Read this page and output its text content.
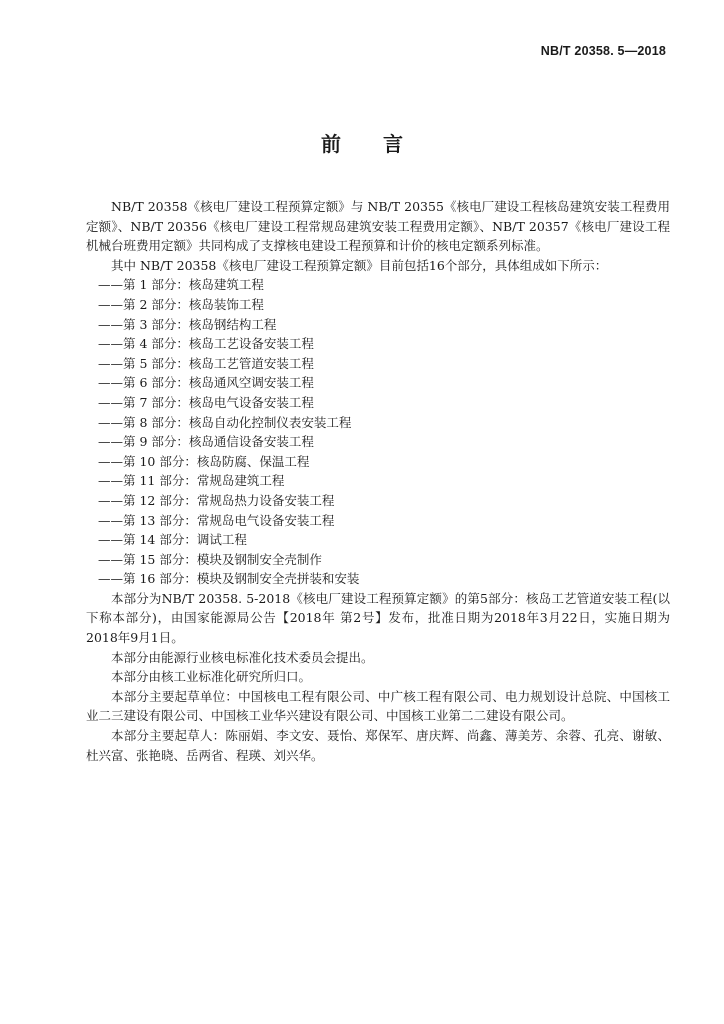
NB/T 20358. 5—2018
前言

NB/T 20358《核电厂建设工程预算定额》与 NB/T 20355《核电厂建设工程核岛建筑安装工程费用定额》、NB/T 20356《核电厂建设工程常规岛建筑安装工程费用定额》、NB/T 20357《核电厂建设工程机械台班费用定额》共同构成了支撑核电建设工程预算和计价的核电定额系列标准。

其中 NB/T 20358《核电厂建设工程预算定额》目前包括16个部分，具体组成如下所示：

——第 1 部分：核岛建筑工程
——第 2 部分：核岛装饰工程
——第 3 部分：核岛钢结构工程
——第 4 部分：核岛工艺设备安装工程
——第 5 部分：核岛工艺管道安装工程
——第 6 部分：核岛通风空调安装工程
——第 7 部分：核岛电气设备安装工程
——第 8 部分：核岛自动化控制仪表安装工程
——第 9 部分：核岛通信设备安装工程
——第 10 部分：核岛防腐、保温工程
——第 11 部分：常规岛建筑工程
——第 12 部分：常规岛热力设备安装工程
——第 13 部分：常规岛电气设备安装工程
——第 14 部分：调试工程
——第 15 部分：模块及钢制安全壳制作
——第 16 部分：模块及钢制安全壳拼装和安装

本部分为NB/T 20358. 5-2018《核电厂建设工程预算定额》的第5部分：核岛工艺管道安装工程(以下称本部分)，由国家能源局公告【2018年 第2号】发布，批准日期为2018年3月22日，实施日期为2018年9月1日。

本部分由能源行业核电标准化技术委员会提出。

本部分由核工业标准化研究所归口。

本部分主要起草单位：中国核电工程有限公司、中广核工程有限公司、电力规划设计总院、中国核工业二三建设有限公司、中国核工业华兴建设有限公司、中国核工业第二二建设有限公司。

本部分主要起草人：陈丽娟、李文安、聂怡、郑保军、唐庆辉、尚鑫、薄美芳、余蓉、孔亮、谢敏、杜兴富、张艳晓、岳两省、程瑛、刘兴华。
